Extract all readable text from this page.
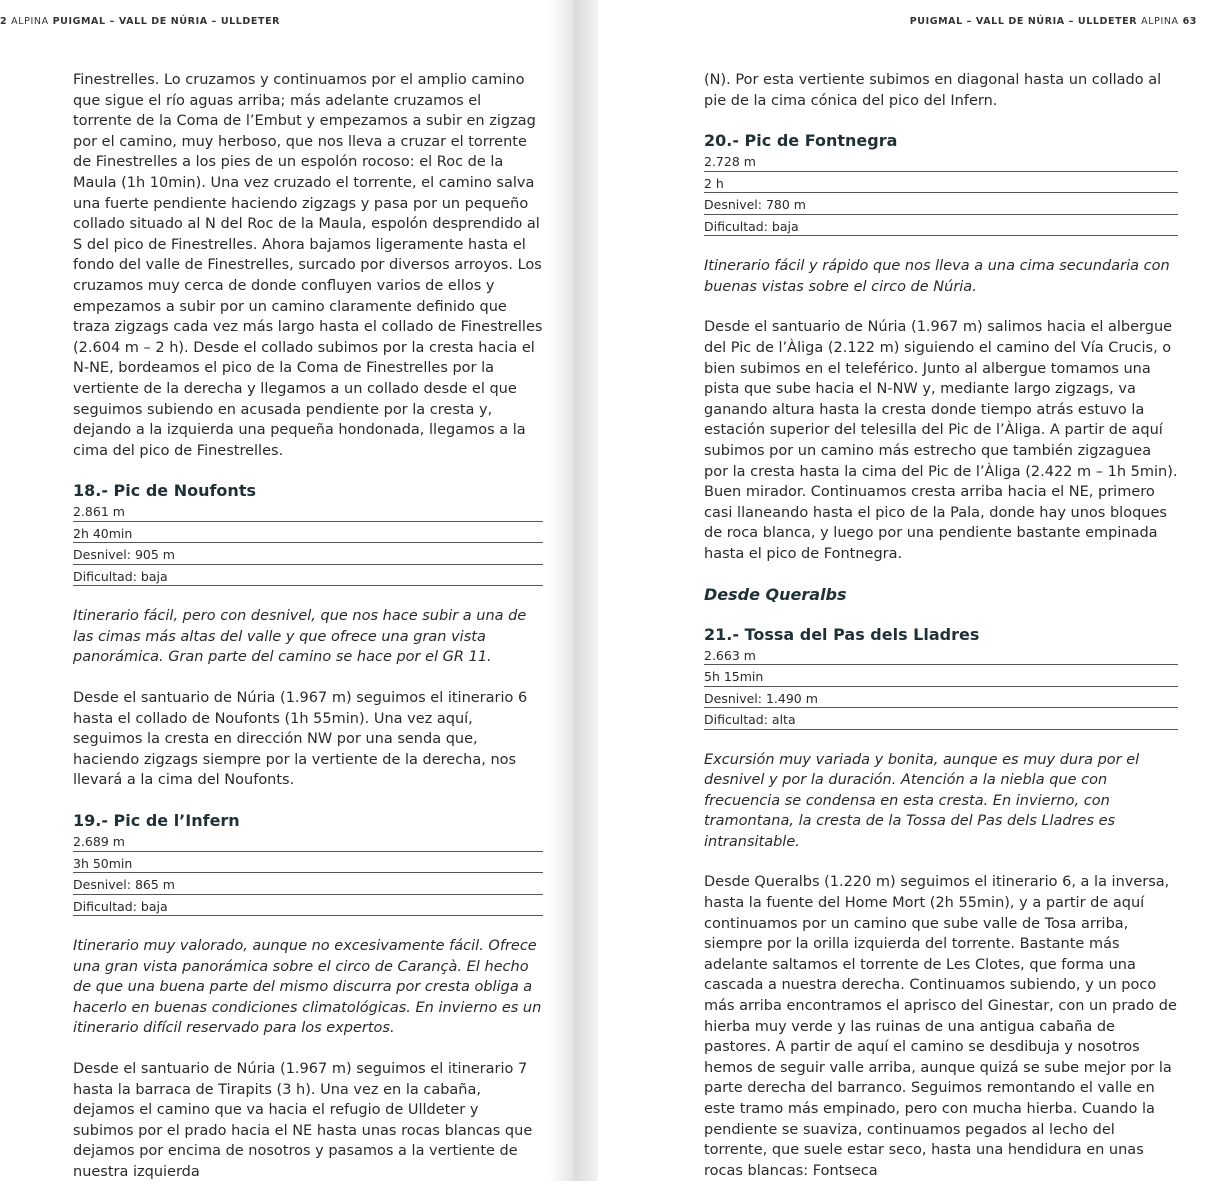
2 ALPINA PUIGMAL – VALL DE NÚRIA – ULLDETER

Finestrelles. Lo cruzamos y continuamos por el amplio camino que sigue el río aguas arriba; más adelante cruzamos el torrente de la Coma de l’Embut y empezamos a subir en zigzag por el camino, muy herboso, que nos lleva a cruzar el torrente de Finestrelles a los pies de un espolón rocoso: el Roc de la Maula (1h 10min). Una vez cruzado el torrente, el camino salva una fuerte pendiente haciendo zigzags y pasa por un pequeño collado situado al N del Roc de la Maula, espolón desprendido al S del pico de Finestrelles. Ahora bajamos ligeramente hasta el fondo del valle de Finestrelles, surcado por diversos arroyos. Los cruzamos muy cerca de donde confluyen varios de ellos y empezamos a subir por un camino claramente definido que traza zigzags cada vez más largo hasta el collado de Finestrelles (2.604 m – 2 h). Desde el collado subimos por la cresta hacia el N-NE, bordeamos el pico de la Coma de Finestrelles por la vertiente de la derecha y llegamos a un collado desde el que seguimos subiendo en acusada pendiente por la cresta y, dejando a la izquierda una pequeña hondonada, llegamos a la cima del pico de Finestrelles.

18.- Pic de Noufonts
2.861 m
2h 40min
Desnivel: 905 m
Dificultad: baja

Itinerario fácil, pero con desnivel, que nos hace subir a una de las cimas más altas del valle y que ofrece una gran vista panorámica. Gran parte del camino se hace por el GR 11.

Desde el santuario de Núria (1.967 m) seguimos el itinerario 6 hasta el collado de Noufonts (1h 55min). Una vez aquí, seguimos la cresta en dirección NW por una senda que, haciendo zigzags siempre por la vertiente de la derecha, nos llevará a la cima del Noufonts.

19.- Pic de l’Infern
2.689 m
3h 50min
Desnivel: 865 m
Dificultad: baja

Itinerario muy valorado, aunque no excesivamente fácil. Ofrece una gran vista panorámica sobre el circo de Carançà. El hecho de que una buena parte del mismo discurra por cresta obliga a hacerlo en buenas condiciones climatológicas. En invierno es un itinerario difícil reservado para los expertos.

Desde el santuario de Núria (1.967 m) seguimos el itinerario 7 hasta la barraca de Tirapits (3 h). Una vez en la cabaña, dejamos el camino que va hacia el refugio de Ulldeter y subimos por el prado hacia el NE hasta unas rocas blancas que dejamos por encima de nosotros y pasamos a la vertiente de nuestra izquierda

PUIGMAL – VALL DE NÚRIA – ULLDETER ALPINA 63

(N). Por esta vertiente subimos en diagonal hasta un collado al pie de la cima cónica del pico del Infern.

20.- Pic de Fontnegra
2.728 m
2 h
Desnivel: 780 m
Dificultad: baja

Itinerario fácil y rápido que nos lleva a una cima secundaria con buenas vistas sobre el circo de Núria.

Desde el santuario de Núria (1.967 m) salimos hacia el albergue del Pic de l’Àliga (2.122 m) siguiendo el camino del Vía Crucis, o bien subimos en el teleférico. Junto al albergue tomamos una pista que sube hacia el N-NW y, mediante largo zigzags, va ganando altura hasta la cresta donde tiempo atrás estuvo la estación superior del telesilla del Pic de l’Àliga. A partir de aquí subimos por un camino más estrecho que también zigzaguea por la cresta hasta la cima del Pic de l’Àliga (2.422 m – 1h 5min). Buen mirador. Continuamos cresta arriba hacia el NE, primero casi llaneando hasta el pico de la Pala, donde hay unos bloques de roca blanca, y luego por una pendiente bastante empinada hasta el pico de Fontnegra.

Desde Queralbs
21.- Tossa del Pas dels Lladres
2.663 m
5h 15min
Desnivel: 1.490 m
Dificultad: alta

Excursión muy variada y bonita, aunque es muy dura por el desnivel y por la duración. Atención a la niebla que con frecuencia se condensa en esta cresta. En invierno, con tramontana, la cresta de la Tossa del Pas dels Lladres es intransitable.

Desde Queralbs (1.220 m) seguimos el itinerario 6, a la inversa, hasta la fuente del Home Mort (2h 55min), y a partir de aquí continuamos por un camino que sube valle de Tosa arriba, siempre por la orilla izquierda del torrente. Bastante más adelante saltamos el torrente de Les Clotes, que forma una cascada a nuestra derecha. Continuamos subiendo, y un poco más arriba encontramos el aprisco del Ginestar, con un prado de hierba muy verde y las ruinas de una antigua cabaña de pastores. A partir de aquí el camino se desdibuja y nosotros hemos de seguir valle arriba, aunque quizá se sube mejor por la parte derecha del barranco. Seguimos remontando el valle en este tramo más empinado, pero con mucha hierba. Cuando la pendiente se suaviza, continuamos pegados al lecho del torrente, que suele estar seco, hasta una hendidura en unas rocas blancas: Fontseca
